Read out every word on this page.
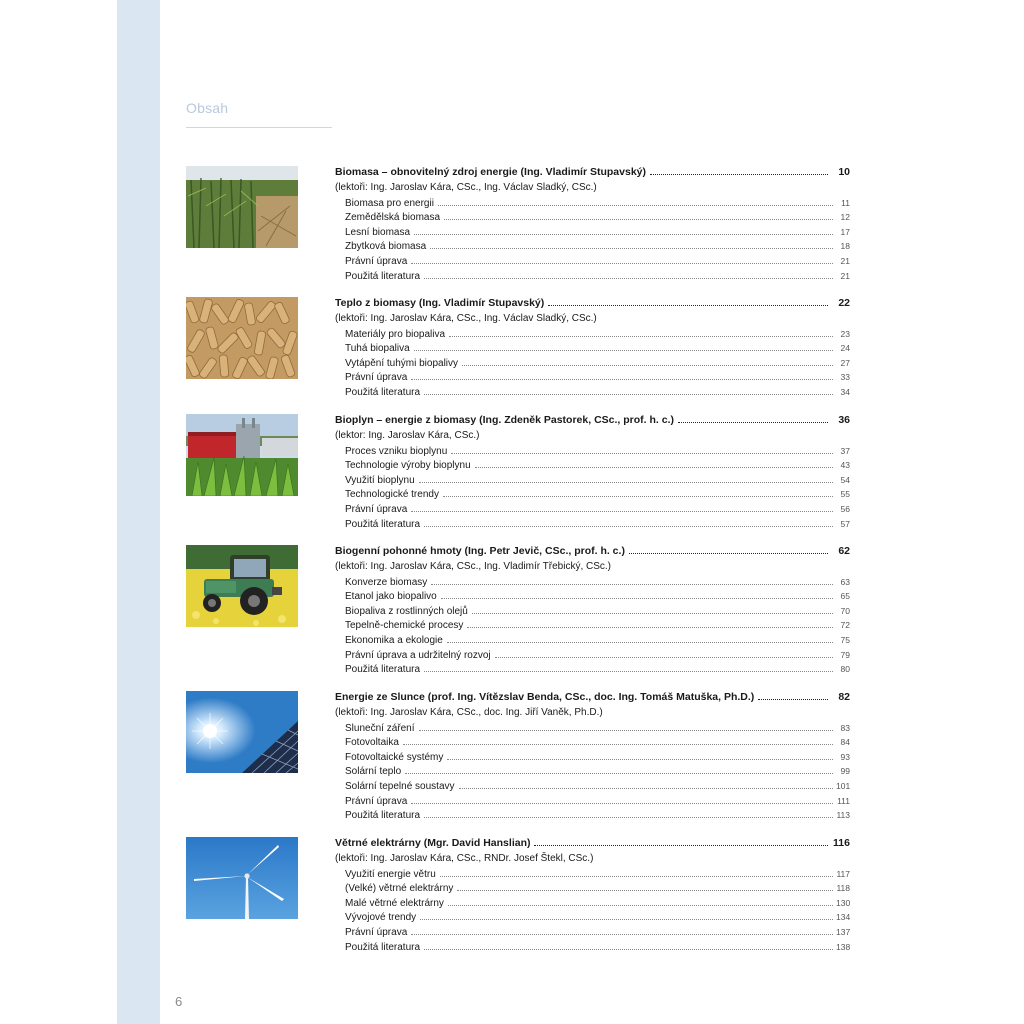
Obsah
Biomasa – obnovitelný zdroj energie (Ing. Vladimír Stupavský)	10
(lektoři: Ing. Jaroslav Kára, CSc., Ing. Václav Sladký, CSc.)
Biomasa pro energii	11
Zemědělská biomasa	12
Lesní biomasa	17
Zbytková biomasa	18
Právní úprava	21
Použitá literatura	21
Teplo z biomasy (Ing. Vladimír Stupavský)	22
(lektoři: Ing. Jaroslav Kára, CSc., Ing. Václav Sladký, CSc.)
Materiály pro biopaliva	23
Tuhá biopaliva	24
Vytápění tuhými biopalivy	27
Právní úprava	33
Použitá literatura	34
Bioplyn – energie z biomasy (Ing. Zdeněk Pastorek, CSc., prof. h. c.)	36
(lektor: Ing. Jaroslav Kára, CSc.)
Proces vzniku bioplynu	37
Technologie výroby bioplynu	43
Využití bioplynu	54
Technologické trendy	55
Právní úprava	56
Použitá literatura	57
Biogenní pohonné hmoty (Ing. Petr Jevič, CSc., prof. h. c.)	62
(lektoři: Ing. Jaroslav Kára, CSc., Ing. Vladimír Třebický, CSc.)
Konverze biomasy	63
Etanol jako biopalivo	65
Biopaliva z rostlinných olejů	70
Tepelně-chemické procesy	72
Ekonomika a ekologie	75
Právní úprava a udržitelný rozvoj	79
Použitá literatura	80
Energie ze Slunce (prof. Ing. Vítězslav Benda, CSc., doc. Ing. Tomáš Matuška, Ph.D.)	82
(lektoři: Ing. Jaroslav Kára, CSc., doc. Ing. Jiří Vaněk, Ph.D.)
Sluneční záření	83
Fotovoltaika	84
Fotovoltaické systémy	93
Solární teplo	99
Solární tepelné soustavy	101
Právní úprava	111
Použitá literatura	113
Větrné elektrárny (Mgr. David Hanslian)	116
(lektoři: Ing. Jaroslav Kára, CSc., RNDr. Josef Štekl, CSc.)
Využití energie větru	117
(Velké) větrné elektrárny	118
Malé větrné elektrárny	130
Vývojové trendy	134
Právní úprava	137
Použitá literatura	138
6
